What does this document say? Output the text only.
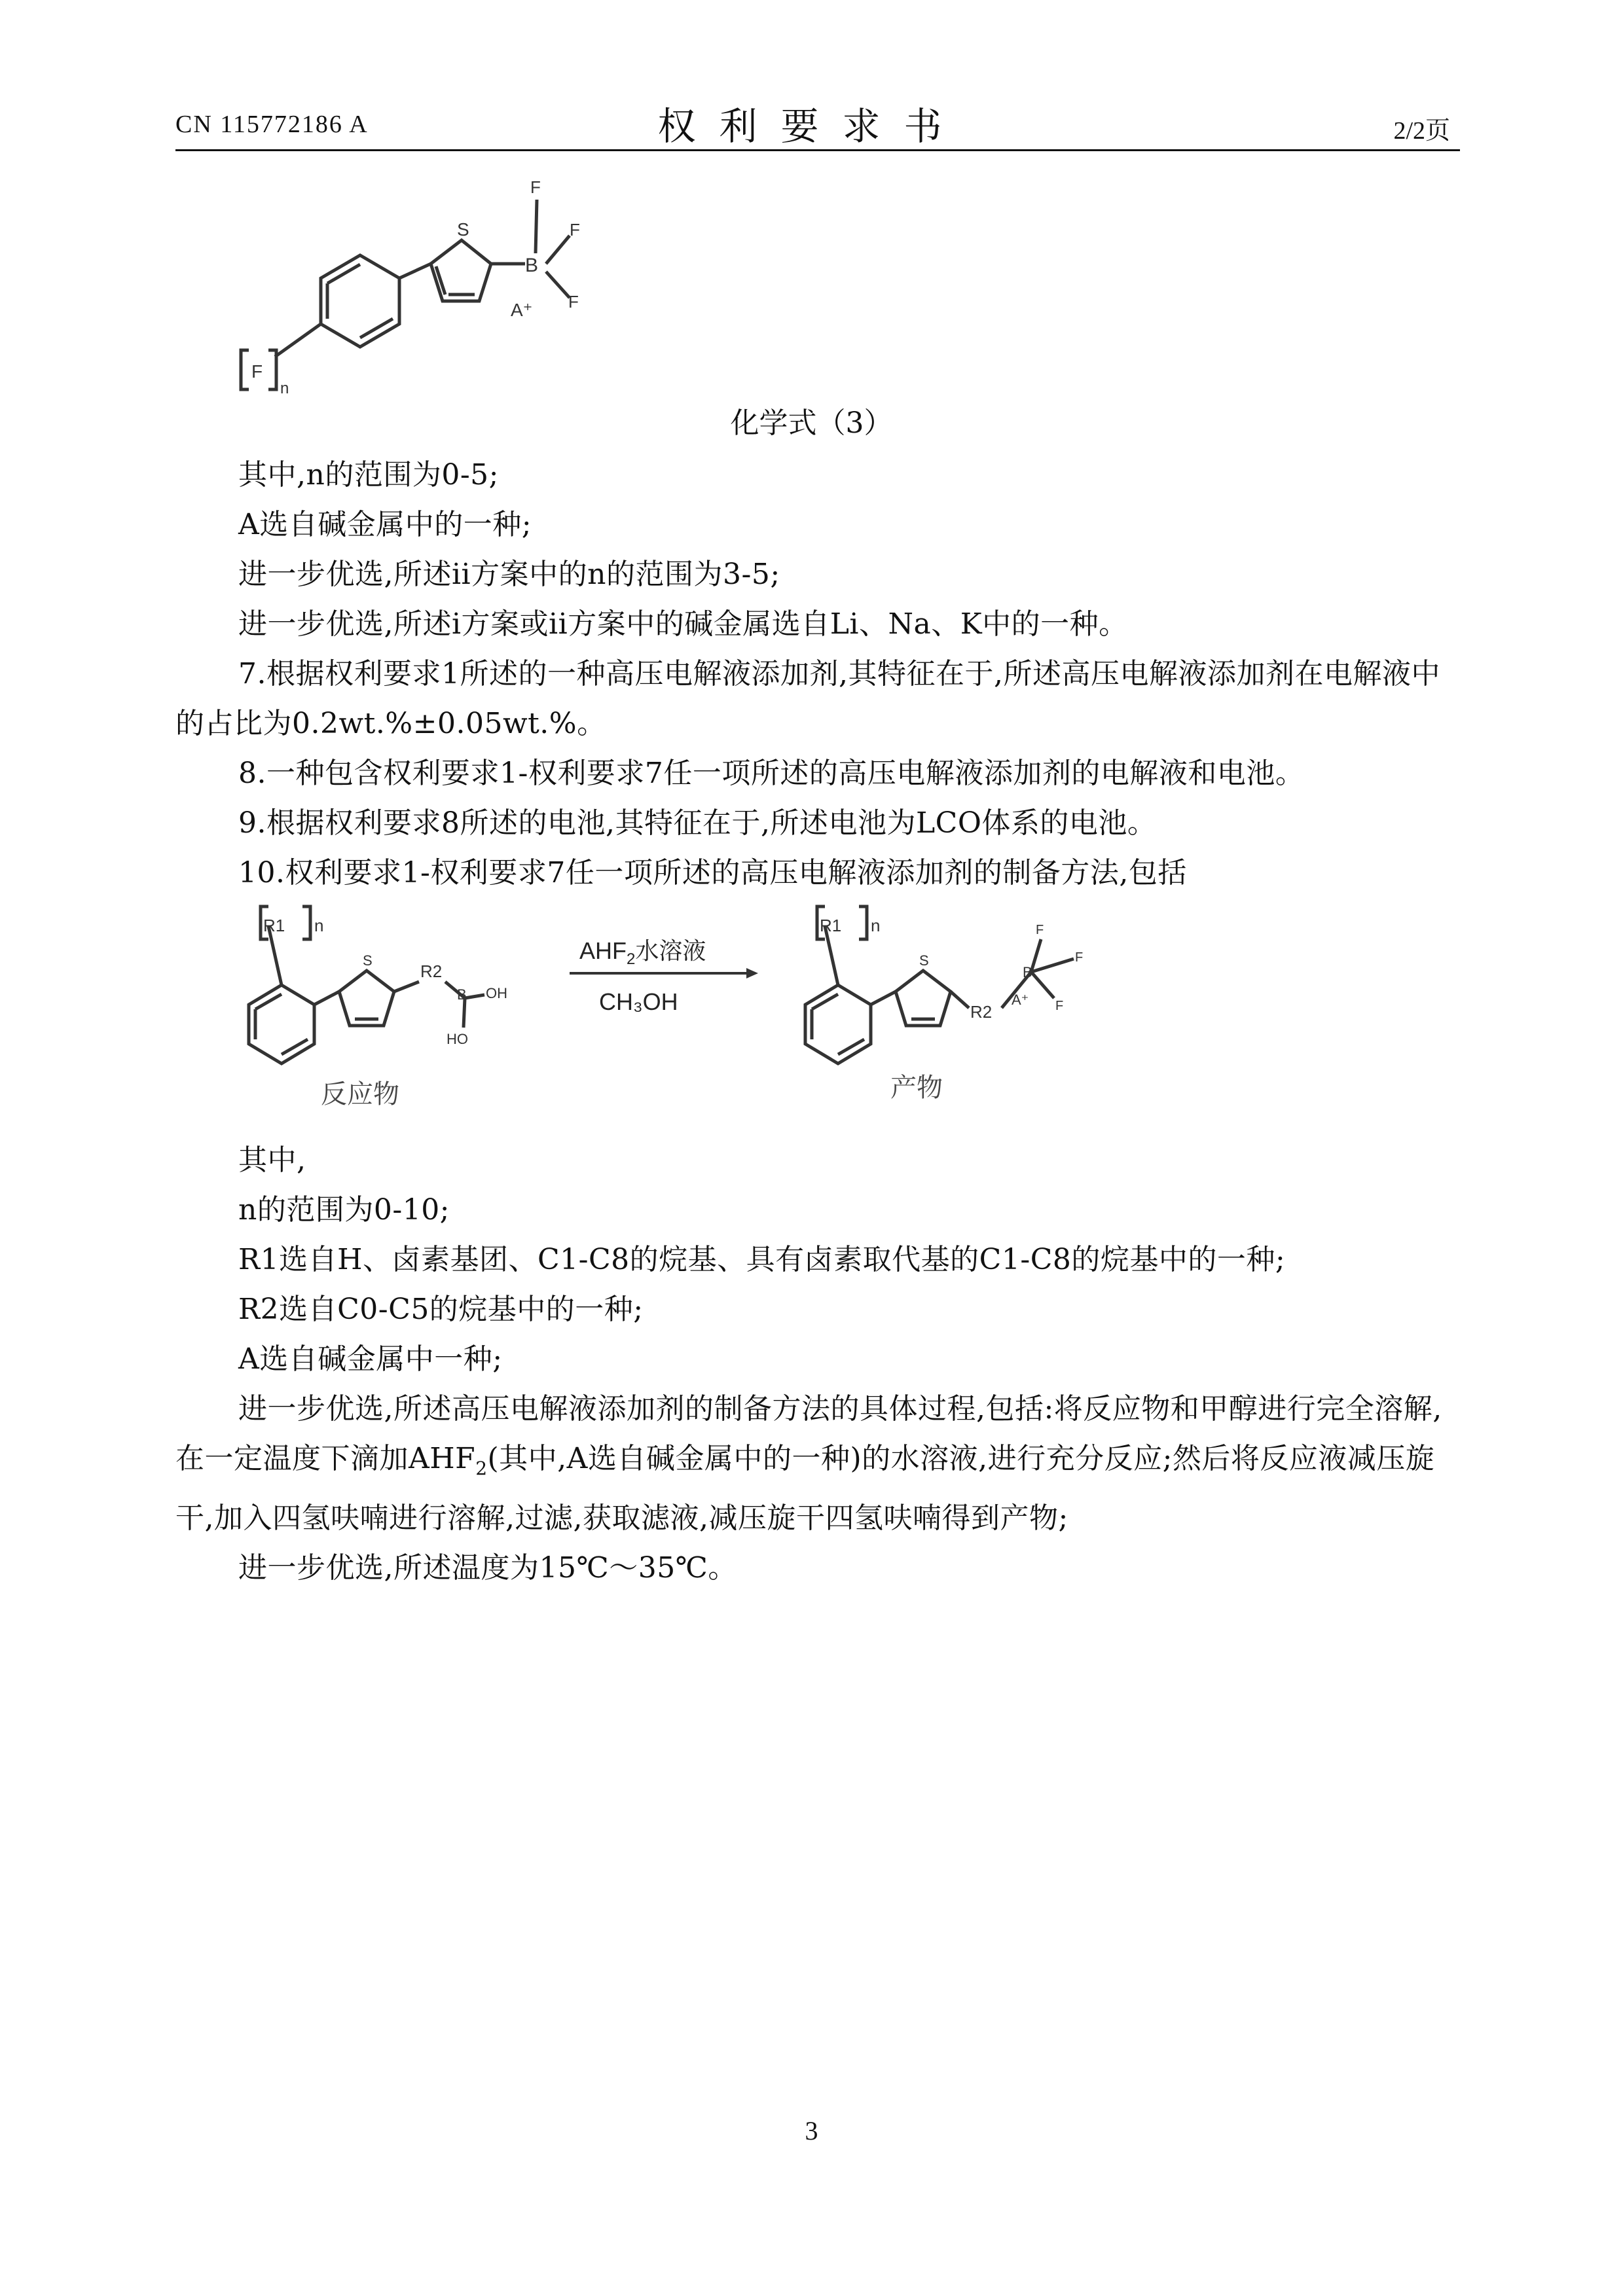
CN 115772186 A	权利要求书	2/2页
S
B
F
F
F
A⁺
F
n
化学式（3）
其中,n的范围为0-5;
A选自碱金属中的一种;
进一步优选,所述ii方案中的n的范围为3-5;
进一步优选,所述i方案或ii方案中的碱金属选自Li、Na、K中的一种。
7.根据权利要求1所述的一种高压电解液添加剂,其特征在于,所述高压电解液添加剂在电解液中的占比为0.2wt.%±0.05wt.%。
8.一种包含权利要求1-权利要求7任一项所述的高压电解液添加剂的电解液和电池。
9.根据权利要求8所述的电池,其特征在于,所述电池为LCO体系的电池。
10.权利要求1-权利要求7任一项所述的高压电解液添加剂的制备方法,包括
R1 n
S
R2
B OH
HO
反应物
$AHF_2$水溶液
CH₃OH
R1 n
S
R2
B
F
F
F
A⁺
产物
其中,
n的范围为0-10;
R1选自H、卤素基团、C1-C8的烷基、具有卤素取代基的C1-C8的烷基中的一种;
R2选自C0-C5的烷基中的一种;
A选自碱金属中一种;
进一步优选,所述高压电解液添加剂的制备方法的具体过程,包括:将反应物和甲醇进行完全溶解,在一定温度下滴加$AHF_2$(其中,A选自碱金属中的一种)的水溶液,进行充分反应;然后将反应液减压旋干,加入四氢呋喃进行溶解,过滤,获取滤液,减压旋干四氢呋喃得到产物;
进一步优选,所述温度为15℃～35℃。
3
